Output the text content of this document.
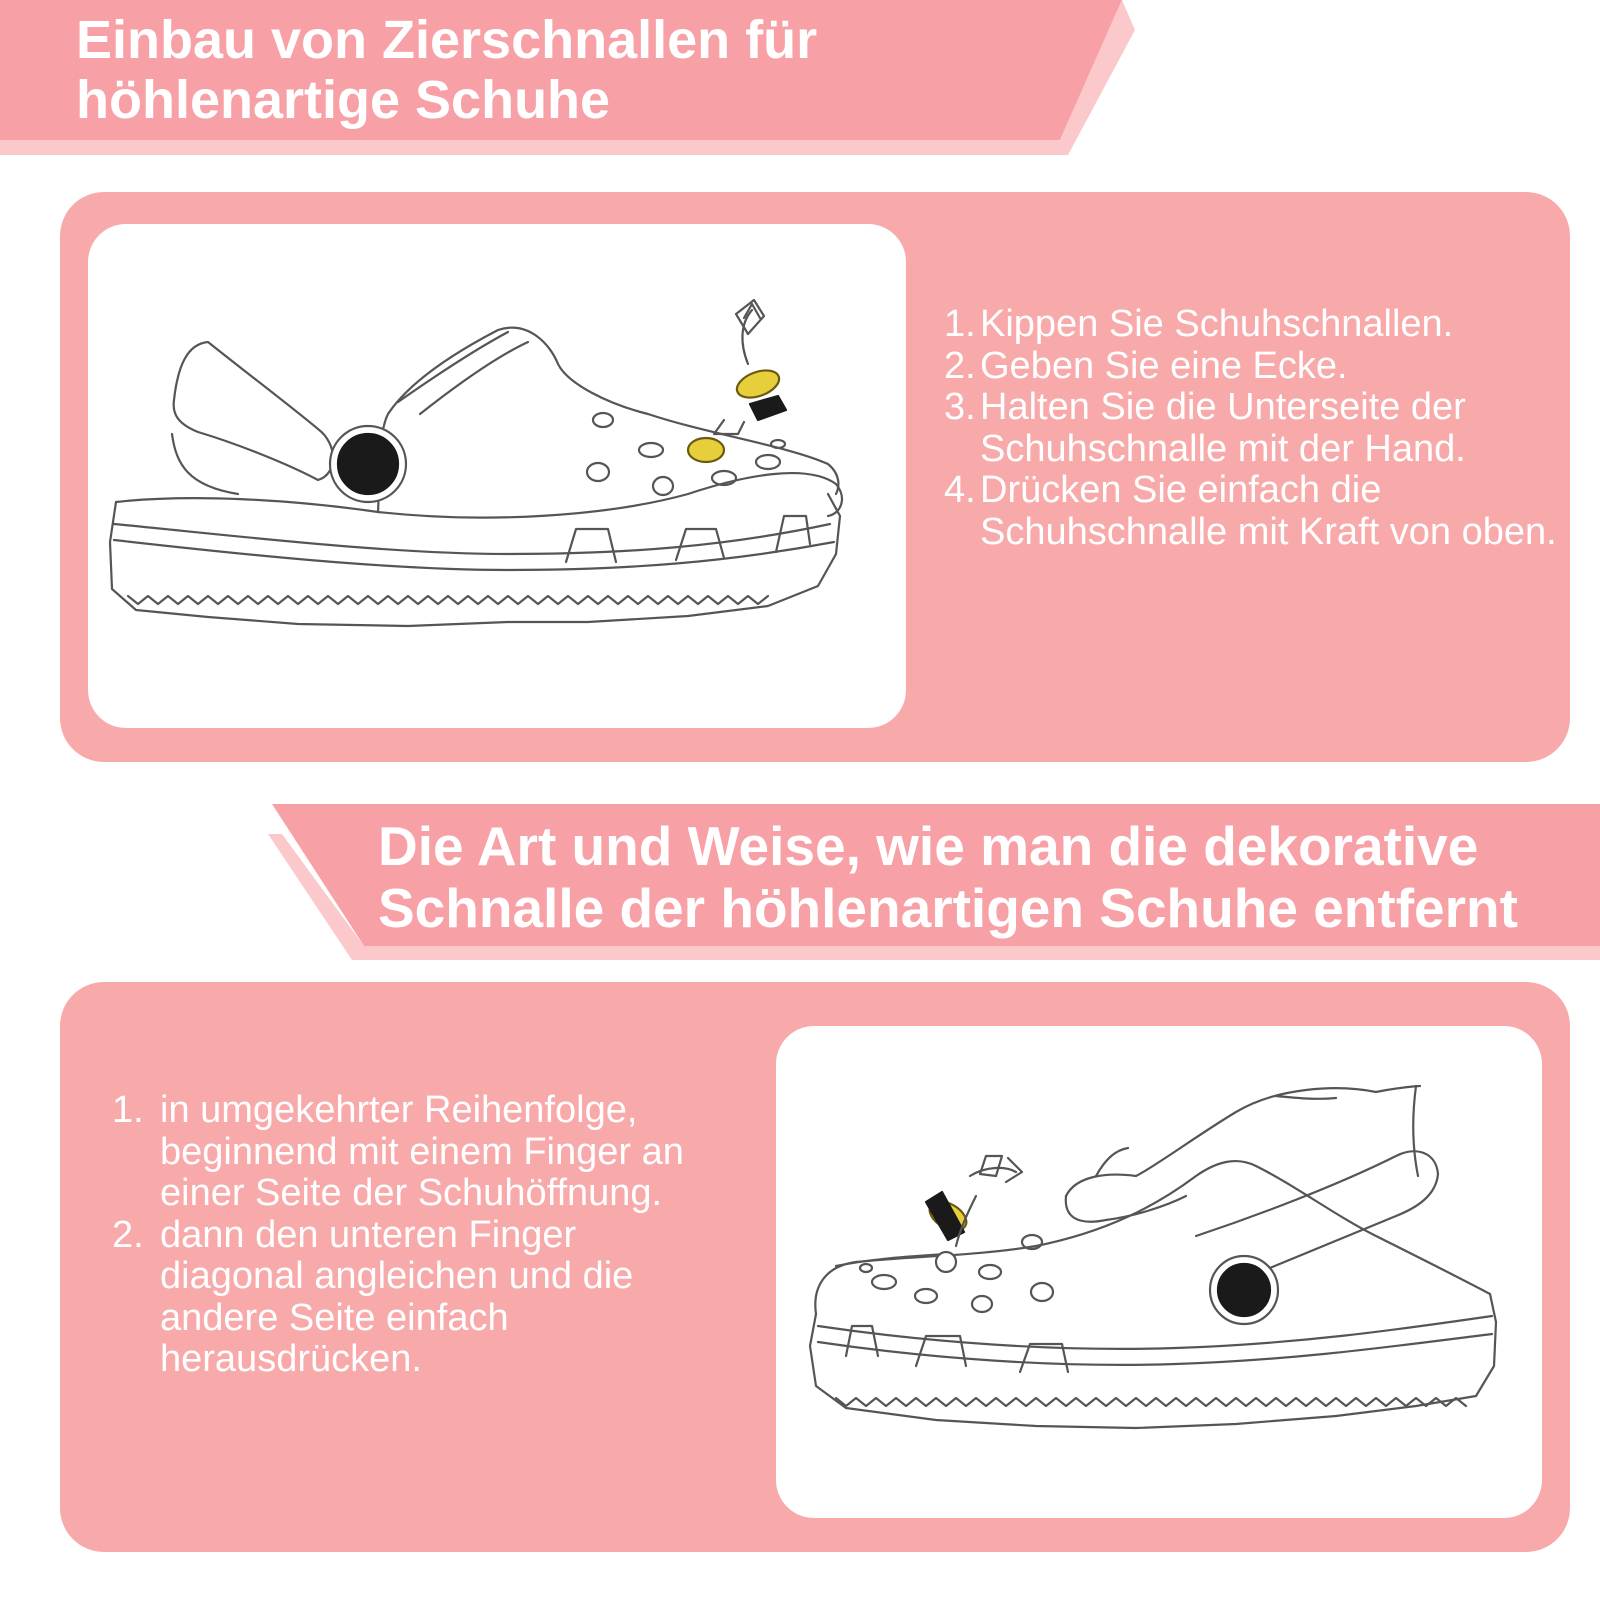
Einbau von Zierschnallen für
höhlenartige Schuhe

1. Kippen Sie Schuhschnallen.
2. Geben Sie eine Ecke.
3. Halten Sie die Unterseite der Schuhschnalle mit der Hand.
4. Drücken Sie einfach die Schuhschnalle mit Kraft von oben.

Die Art und Weise, wie man die dekorative
Schnalle der höhlenartigen Schuhe entfernt

1. in umgekehrter Reihenfolge, beginnend mit einem Finger an einer Seite der Schuhöffnung.
2. dann den unteren Finger diagonal angleichen und die andere Seite einfach herausdrücken.
